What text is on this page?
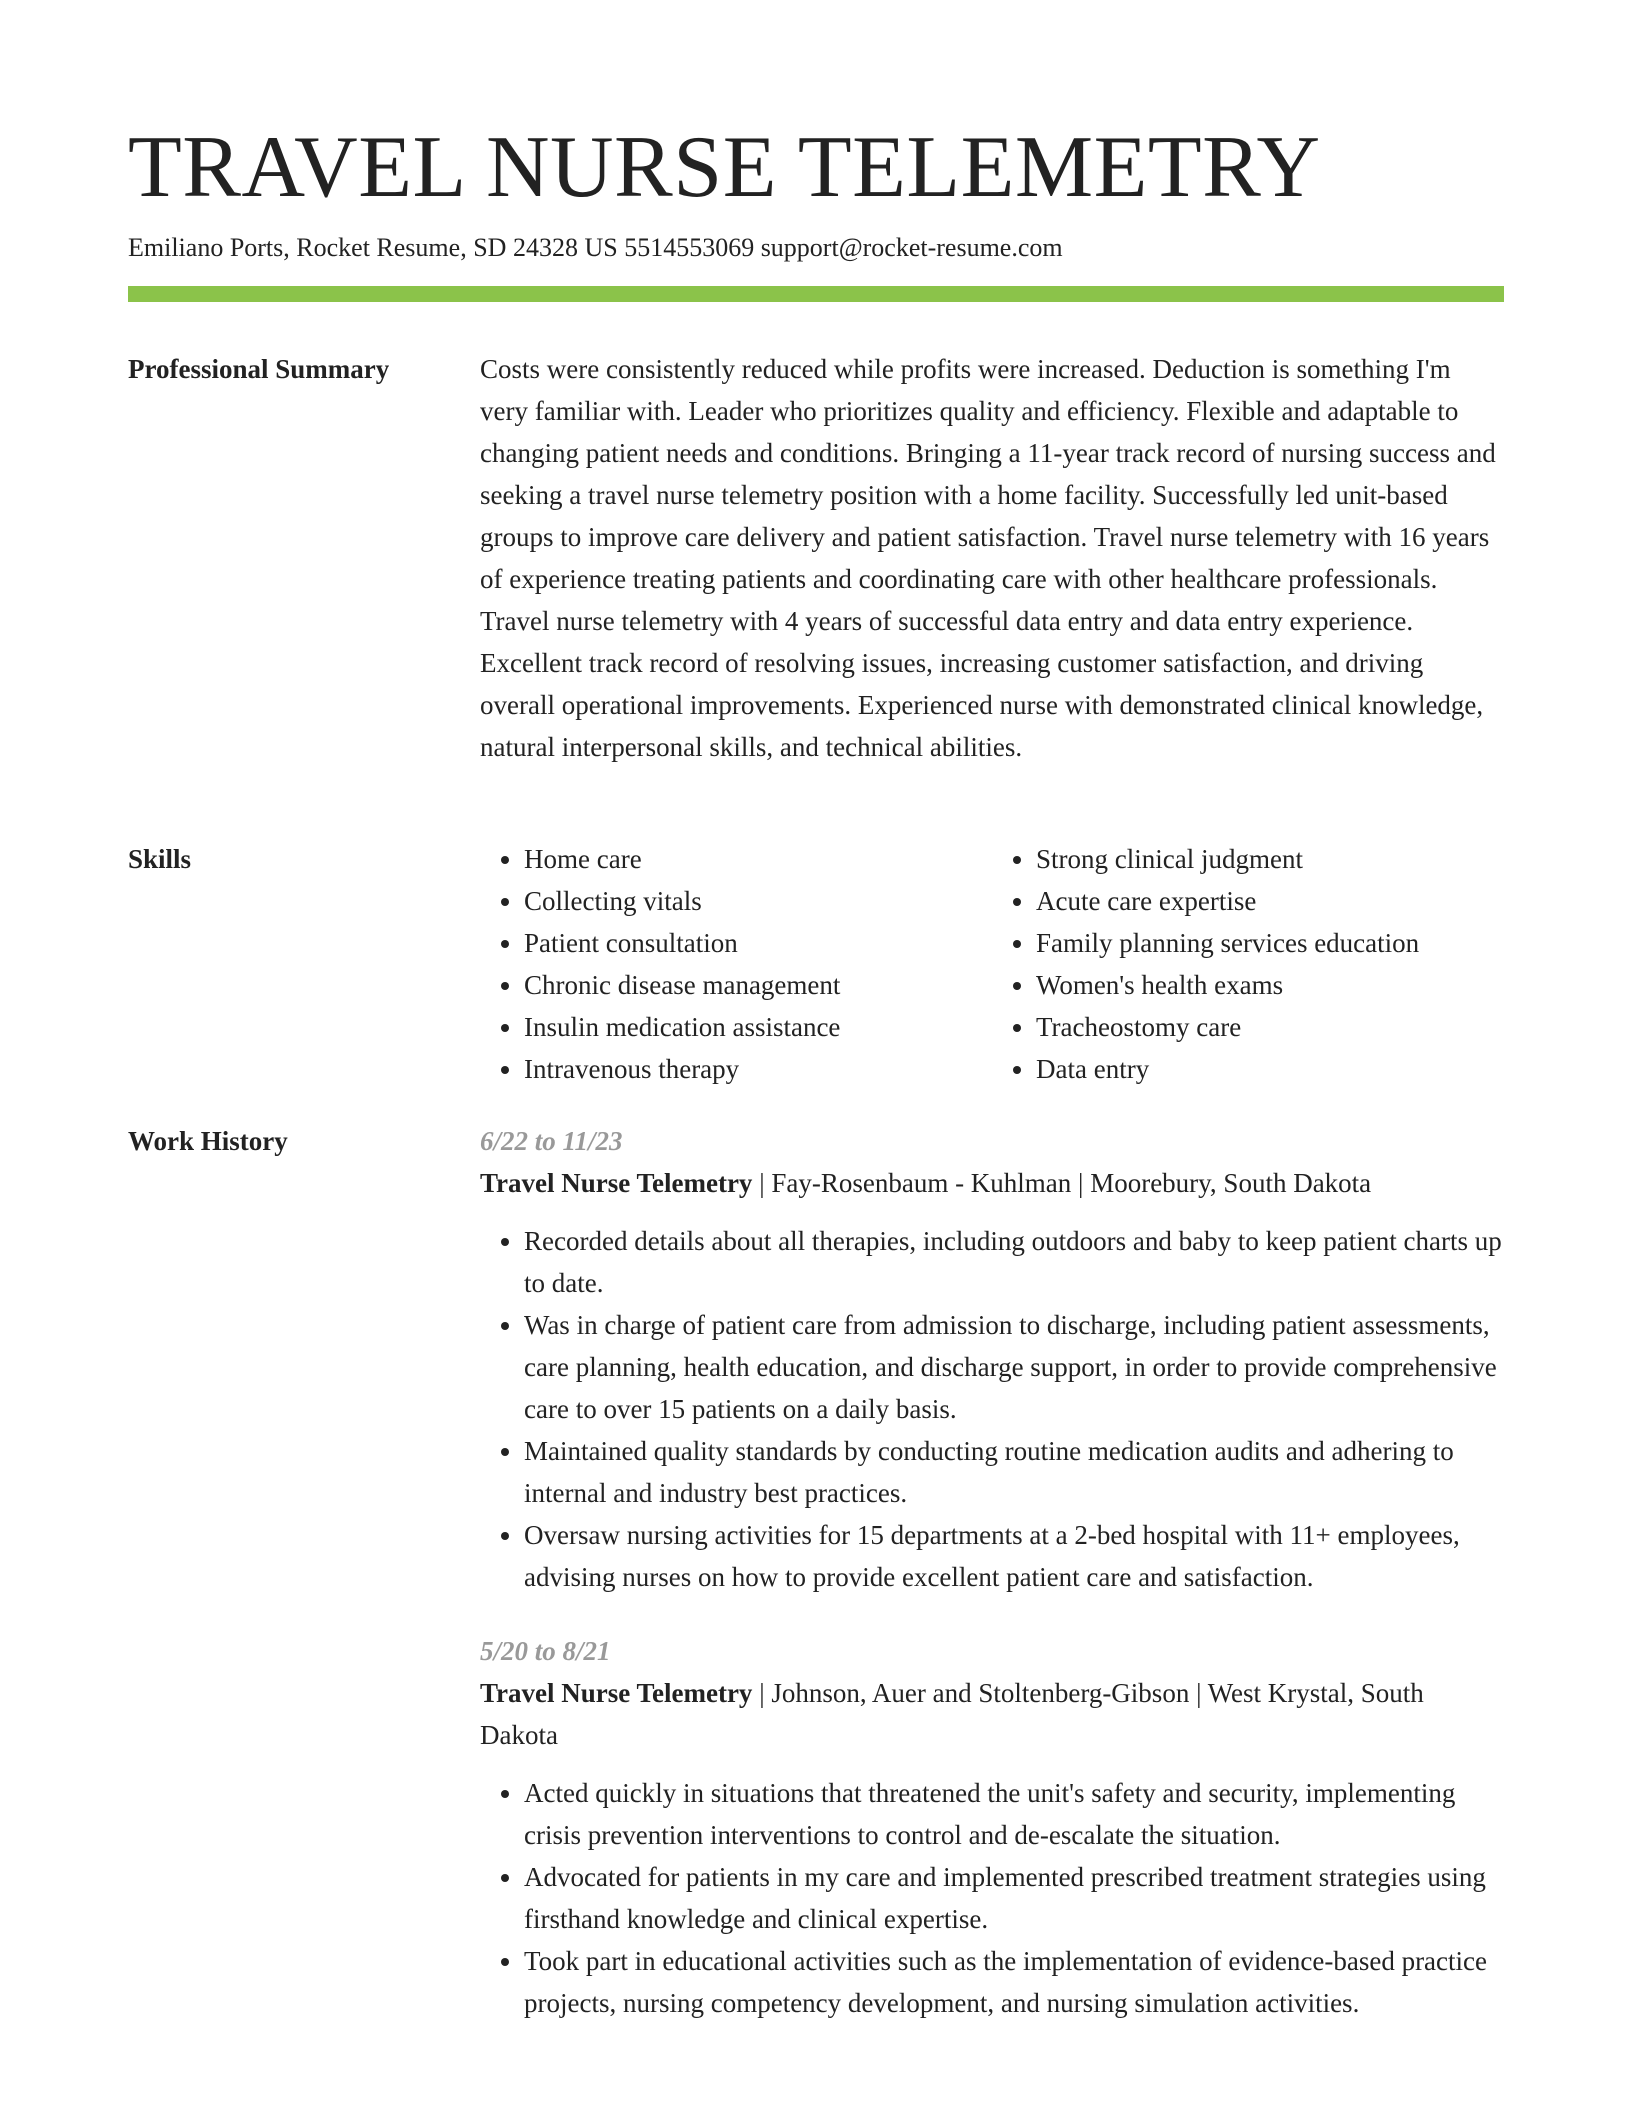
TRAVEL NURSE TELEMETRY
Emiliano Ports, Rocket Resume, SD 24328 US 5514553069 support@rocket-resume.com
Professional Summary	Costs were consistently reduced while profits were increased. Deduction is something I'm very familiar with. Leader who prioritizes quality and efficiency. Flexible and adaptable to changing patient needs and conditions. Bringing a 11-year track record of nursing success and seeking a travel nurse telemetry position with a home facility. Successfully led unit-based groups to improve care delivery and patient satisfaction. Travel nurse telemetry with 16 years of experience treating patients and coordinating care with other healthcare professionals. Travel nurse telemetry with 4 years of successful data entry and data entry experience. Excellent track record of resolving issues, increasing customer satisfaction, and driving overall operational improvements. Experienced nurse with demonstrated clinical knowledge, natural interpersonal skills, and technical abilities.

Skills
•	Home care
• Collecting vitals
• Patient consultation
• Chronic disease management
• Insulin medication assistance
• Intravenous therapy
• Strong clinical judgment
• Acute care expertise
• Family planning services education
• Women's health exams
• Tracheostomy care
• Data entry
Work History	6/22 to 11/23
Travel Nurse Telemetry | Fay-Rosenbaum - Kuhlman | Moorebury, South Dakota
• Recorded details about all therapies, including outdoors and baby to keep patient charts up to date.
• Was in charge of patient care from admission to discharge, including patient assessments, care planning, health education, and discharge support, in order to provide comprehensive care to over 15 patients on a daily basis.
• Maintained quality standards by conducting routine medication audits and adhering to internal and industry best practices.
• Oversaw nursing activities for 15 departments at a 2-bed hospital with 11+ employees, advising nurses on how to provide excellent patient care and satisfaction.
5/20 to 8/21
Travel Nurse Telemetry | Johnson, Auer and Stoltenberg-Gibson | West Krystal, South Dakota
• Acted quickly in situations that threatened the unit's safety and security, implementing crisis prevention interventions to control and de-escalate the situation.
• Advocated for patients in my care and implemented prescribed treatment strategies using firsthand knowledge and clinical expertise.
• Took part in educational activities such as the implementation of evidence-based practice projects, nursing competency development, and nursing simulation activities.
